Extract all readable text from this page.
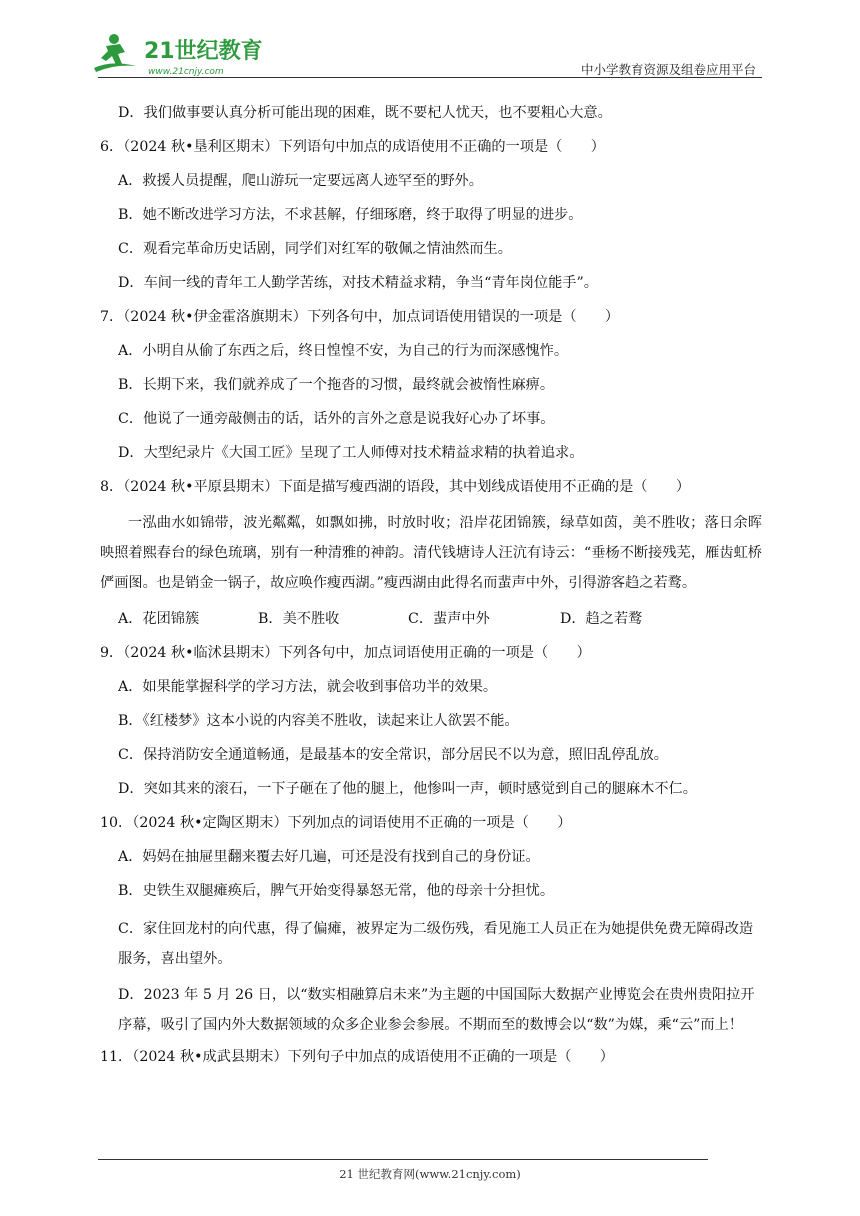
21世纪教育
www.21cnjy.com	中小学教育资源及组卷应用平台
D．我们做事要认真分析可能出现的困难，既不要杞人忧天，也不要粗心大意。
6．（2024 秋•垦利区期末）下列语句中加点的成语使用不正确的一项是（　　）
A．救援人员提醒，爬山游玩一定要远离人迹罕至的野外。
B．她不断改进学习方法，不求甚解，仔细琢磨，终于取得了明显的进步。
C．观看完革命历史话剧，同学们对红军的敬佩之情油然而生。
D．车间一线的青年工人勤学苦练，对技术精益求精，争当“青年岗位能手”。
7．（2024 秋•伊金霍洛旗期末）下列各句中，加点词语使用错误的一项是（　　）
A．小明自从偷了东西之后，终日惶惶不安，为自己的行为而深感愧怍。
B．长期下来，我们就养成了一个拖沓的习惯，最终就会被惰性麻痹。
C．他说了一通旁敲侧击的话，话外的言外之意是说我好心办了坏事。
D．大型纪录片《大国工匠》呈现了工人师傅对技术精益求精的执着追求。
8．（2024 秋•平原县期末）下面是描写瘦西湖的语段，其中划线成语使用不正确的是（　　）
一泓曲水如锦带，波光粼粼，如飘如拂，时放时收；沿岸花团锦簇，绿草如茵，美不胜收；落日余晖映照着熙春台的绿色琉璃，别有一种清雅的神韵。清代钱塘诗人汪沆有诗云：“垂杨不断接残芜，雁齿虹桥俨画图。也是销金一锅子，故应唤作瘦西湖。”瘦西湖由此得名而蜚声中外，引得游客趋之若鹜。
A．花团锦簇	B．美不胜收	C．蜚声中外	D．趋之若鹜
9．（2024 秋•临沭县期末）下列各句中，加点词语使用正确的一项是（　　）
A．如果能掌握科学的学习方法，就会收到事倍功半的效果。
B．《红楼梦》这本小说的内容美不胜收，读起来让人欲罢不能。
C．保持消防安全通道畅通，是最基本的安全常识，部分居民不以为意，照旧乱停乱放。
D．突如其来的滚石，一下子砸在了他的腿上，他惨叫一声，顿时感觉到自己的腿麻木不仁。
10．（2024 秋•定陶区期末）下列加点的词语使用不正确的一项是（　　）
A．妈妈在抽屉里翻来覆去好几遍，可还是没有找到自己的身份证。
B．史铁生双腿瘫痪后，脾气开始变得暴怒无常，他的母亲十分担忧。
C．家住回龙村的向代惠，得了偏瘫，被界定为二级伤残，看见施工人员正在为她提供免费无障碍改造服务，喜出望外。
D．2023 年 5 月 26 日，以“数实相融算启未来”为主题的中国国际大数据产业博览会在贵州贵阳拉开序幕，吸引了国内外大数据领域的众多企业参会参展。不期而至的数博会以“数”为媒，乘“云”而上！
11．（2024 秋•成武县期末）下列句子中加点的成语使用不正确的一项是（　　）
21 世纪教育网(www.21cnjy.com)
